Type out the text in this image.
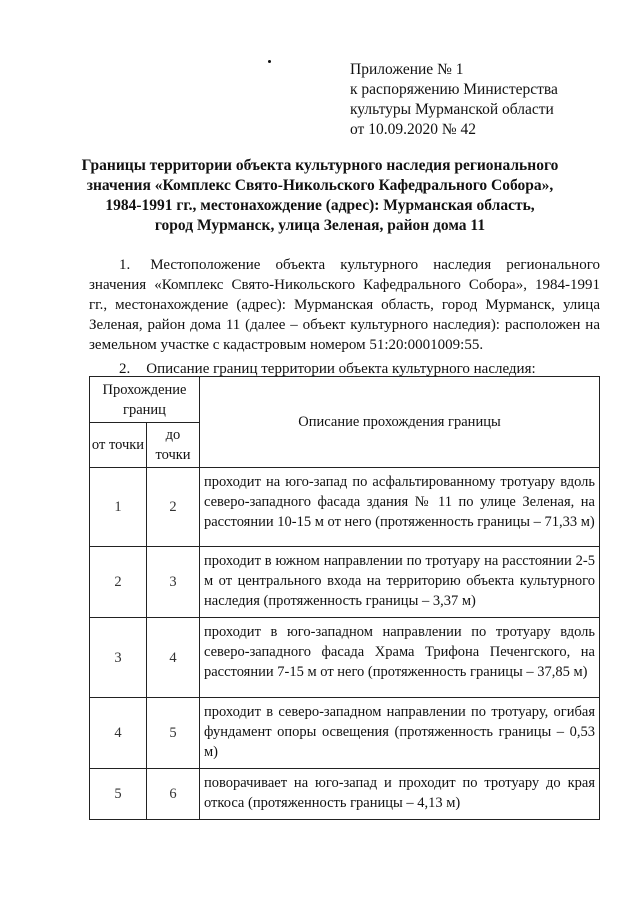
Приложение № 1
к распоряжению Министерства
культуры Мурманской области
от 10.09.2020 № 42
Границы территории объекта культурного наследия регионального
значения «Комплекс Свято-Никольского Кафедрального Собора»,
1984-1991 гг., местонахождение (адрес): Мурманская область,
город Мурманск, улица Зеленая, район дома 11
1. Местоположение объекта культурного наследия регионального значения «Комплекс Свято-Никольского Кафедрального Собора», 1984-1991 гг., местонахождение (адрес): Мурманская область, город Мурманск, улица Зеленая, район дома 11 (далее – объект культурного наследия): расположен на земельном участке с кадастровым номером 51:20:0001009:55.
2. Описание границ территории объекта культурного наследия:
Прохождение границ		Описание прохождения границы
от точки	до точки	
1	2	проходит на юго-запад по асфальтированному тротуару вдоль северо-западного фасада здания № 11 по улице Зеленая, на расстоянии 10-15 м от него (протяженность границы – 71,33 м)

2	3	проходит в южном направлении по тротуару на расстоянии 2-5 м от центрального входа на территорию объекта культурного наследия (протяженность границы – 3,37 м)

3	4	проходит в юго-западном направлении по тротуару вдоль северо-западного фасада Храма Трифона Печенгского, на расстоянии 7-15 м от него (протяженность границы – 37,85 м)

4	5	проходит в северо-западном направлении по тротуару, огибая фундамент опоры освещения (протяженность границы – 0,53 м)

5	6	поворачивает на юго-запад и проходит по тротуару до края откоса (протяженность границы – 4,13 м)
